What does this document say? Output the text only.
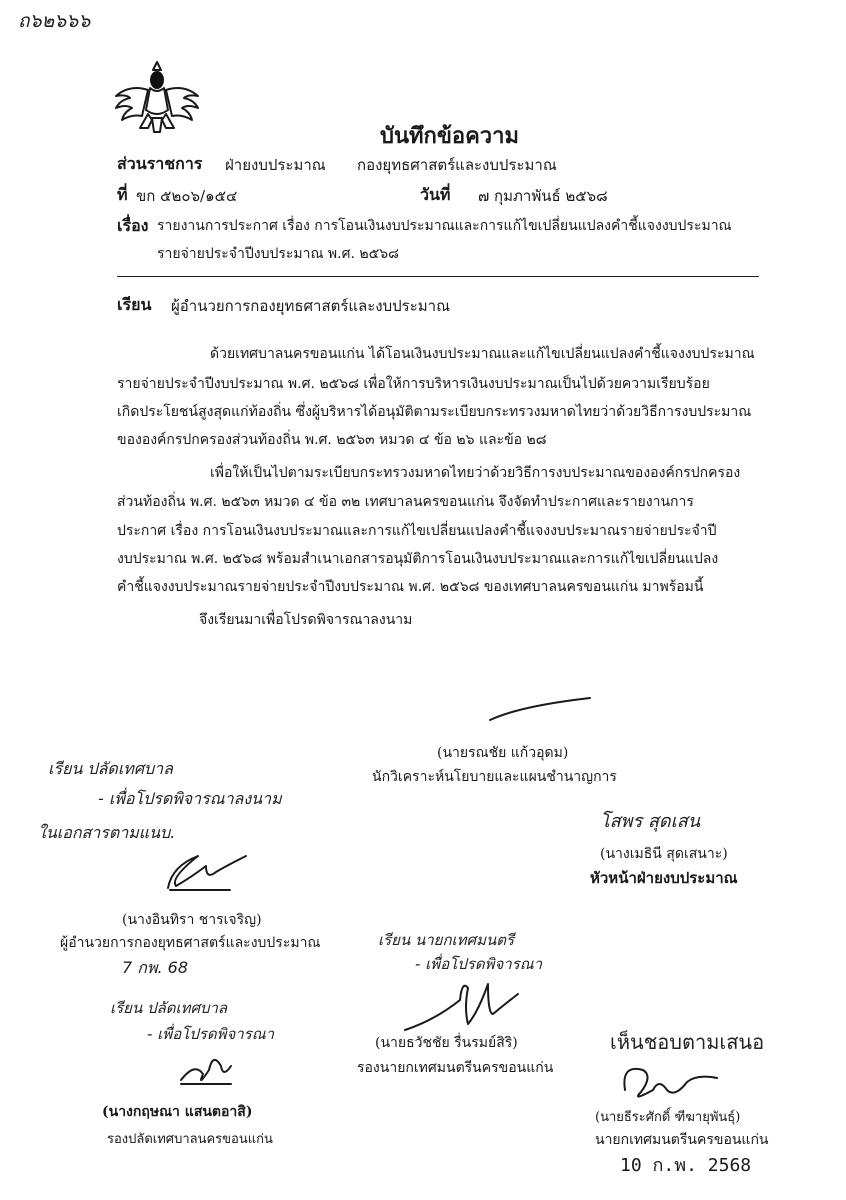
ถ๖๒๖๖๖
บันทึกข้อความ
ส่วนราชการ ฝ่ายงบประมาณ กองยุทธศาสตร์และงบประมาณ
ที่ ขก ๕๒๐๖/๑๕๔	วันที่ ๗ กุมภาพันธ์ ๒๕๖๘
เรื่อง รายงานการประกาศ เรื่อง การโอนเงินงบประมาณและการแก้ไขเปลี่ยนแปลงคำชี้แจงงบประมาณ
รายจ่ายประจำปีงบประมาณ พ.ศ. ๒๕๖๘
เรียน ผู้อำนวยการกองยุทธศาสตร์และงบประมาณ
ด้วยเทศบาลนครขอนแก่น ได้โอนเงินงบประมาณและแก้ไขเปลี่ยนแปลงคำชี้แจงงบประมาณ
รายจ่ายประจำปีงบประมาณ พ.ศ. ๒๕๖๘ เพื่อให้การบริหารเงินงบประมาณเป็นไปด้วยความเรียบร้อย
เกิดประโยชน์สูงสุดแก่ท้องถิ่น ซึ่งผู้บริหารได้อนุมัติตามระเบียบกระทรวงมหาดไทยว่าด้วยวิธีการงบประมาณ
ขององค์กรปกครองส่วนท้องถิ่น พ.ศ. ๒๕๖๓ หมวด ๔ ข้อ ๒๖ และข้อ ๒๘
เพื่อให้เป็นไปตามระเบียบกระทรวงมหาดไทยว่าด้วยวิธีการงบประมาณขององค์กรปกครอง
ส่วนท้องถิ่น พ.ศ. ๒๕๖๓ หมวด ๔ ข้อ ๓๒ เทศบาลนครขอนแก่น จึงจัดทำประกาศและรายงานการ
ประกาศ เรื่อง การโอนเงินงบประมาณและการแก้ไขเปลี่ยนแปลงคำชี้แจงงบประมาณรายจ่ายประจำปี
งบประมาณ พ.ศ. ๒๕๖๘ พร้อมสำเนาเอกสารอนุมัติการโอนเงินงบประมาณและการแก้ไขเปลี่ยนแปลง
คำชี้แจงงบประมาณรายจ่ายประจำปีงบประมาณ พ.ศ. ๒๕๖๘ ของเทศบาลนครขอนแก่น มาพร้อมนี้
จึงเรียนมาเพื่อโปรดพิจารณาลงนาม
(นายรณชัย แก้วอุดม)
นักวิเคราะห์นโยบายและแผนชำนาญการ
เรียน ปลัดเทศบาล
- เพื่อโปรดพิจารณาลงนาม
ในเอกสารตามแนบ.
โสพร สุดเสน
(นางเมธินี สุดเสนาะ)
หัวหน้าฝ่ายงบประมาณ
(นางอินทิรา ชารเจริญ)
ผู้อำนวยการกองยุทธศาสตร์และงบประมาณ
7 กพ. 68
เรียน นายกเทศมนตรี
- เพื่อโปรดพิจารณา
เรียน ปลัดเทศบาล
- เพื่อโปรดพิจารณา	(นายธวัชชัย รื่นรมย์สิริ)
รองนายกเทศมนตรีนครขอนแก่น
เห็นชอบตามเสนอ
(นายธีระศักดิ์ ฑีฆายุพันธุ์)
นายกเทศมนตรีนครขอนแก่น
10 ก.พ. 2568
(นางกฤษณา แสนตอาสิ)
รองปลัดเทศบาลนครขอนแก่น
